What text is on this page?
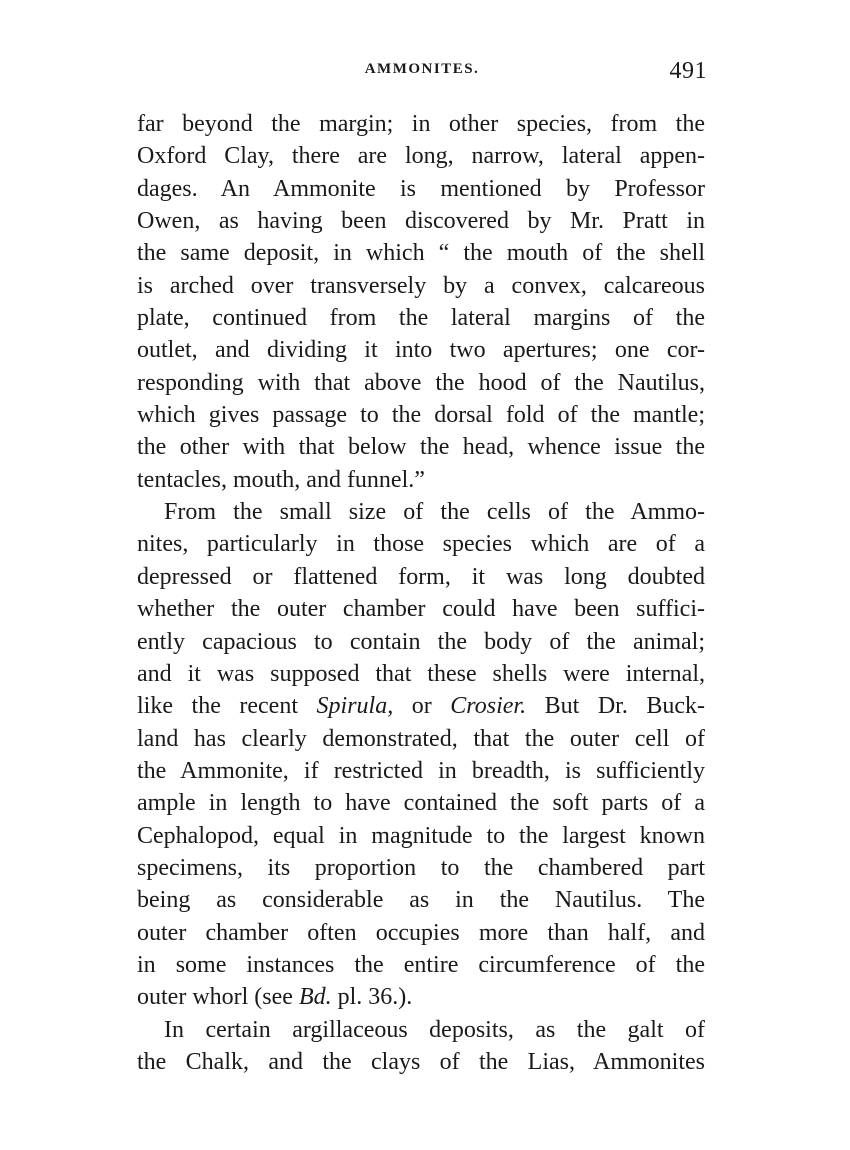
AMMONITES.	491
far beyond the margin; in other species, from the
Oxford Clay, there are long, narrow, lateral appen-
dages. An Ammonite is mentioned by Professor
Owen, as having been discovered by Mr. Pratt in
the same deposit, in which “ the mouth of the shell
is arched over transversely by a convex, calcareous
plate, continued from the lateral margins of the
outlet, and dividing it into two apertures; one cor-
responding with that above the hood of the Nautilus,
which gives passage to the dorsal fold of the mantle;
the other with that below the head, whence issue the
tentacles, mouth, and funnel.”
From the small size of the cells of the Ammo-
nites, particularly in those species which are of a
depressed or flattened form, it was long doubted
whether the outer chamber could have been suffici-
ently capacious to contain the body of the animal;
and it was supposed that these shells were internal,
like the recent Spirula, or Crosier. But Dr. Buck-
land has clearly demonstrated, that the outer cell of
the Ammonite, if restricted in breadth, is sufficiently
ample in length to have contained the soft parts of a
Cephalopod, equal in magnitude to the largest known
specimens, its proportion to the chambered part
being as considerable as in the Nautilus. The
outer chamber often occupies more than half, and
in some instances the entire circumference of the
outer whorl (see Bd. pl. 36.).
In certain argillaceous deposits, as the galt of
the Chalk, and the clays of the Lias, Ammonites
